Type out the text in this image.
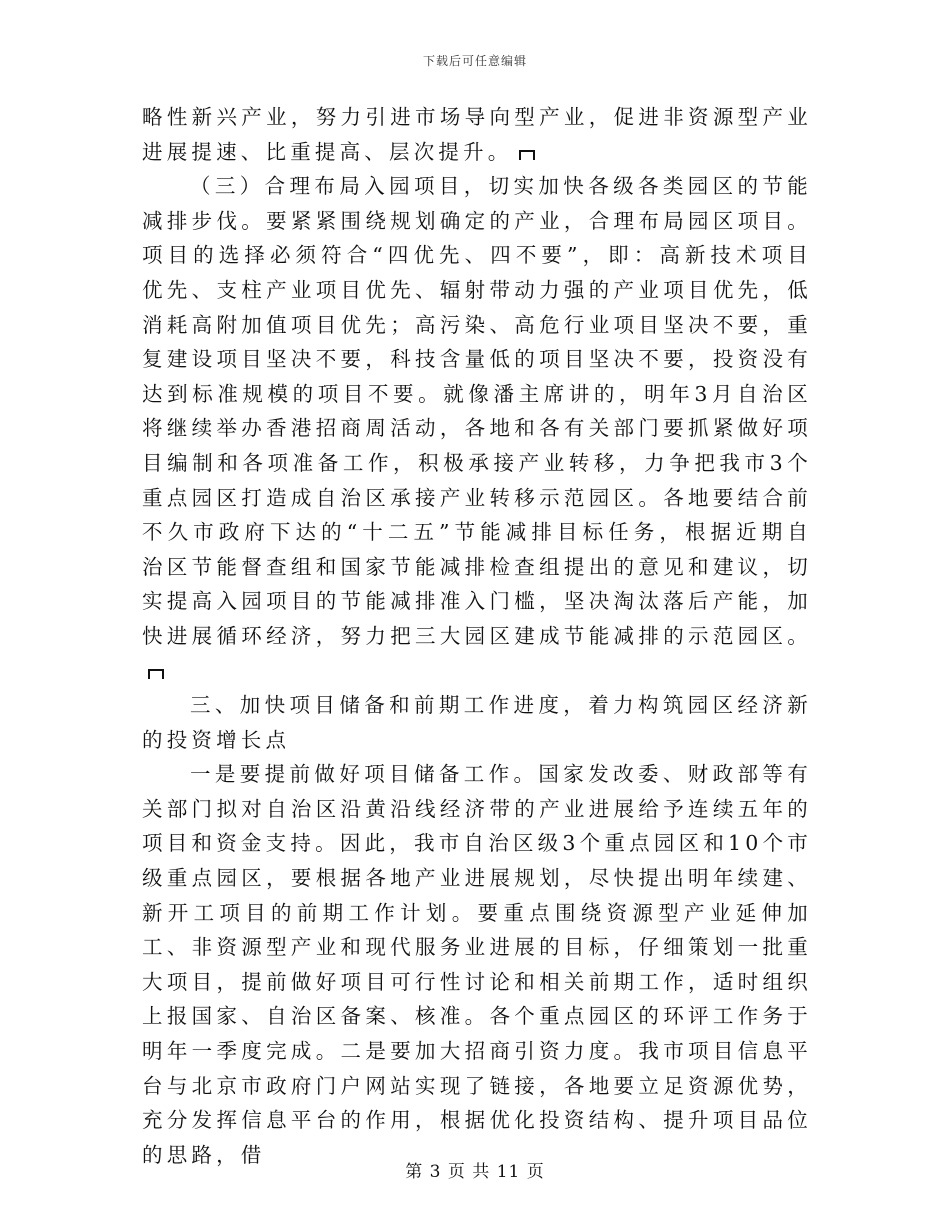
下载后可任意编辑

略性新兴产业，努力引进市场导向型产业，促进非资源型产业进展提速、比重提高、层次提升。

（三）合理布局入园项目，切实加快各级各类园区的节能减排步伐。要紧紧围绕规划确定的产业，合理布局园区项目。项目的选择必须符合“四优先、四不要”，即：高新技术项目优先、支柱产业项目优先、辐射带动力强的产业项目优先，低消耗高附加值项目优先；高污染、高危行业项目坚决不要，重复建设项目坚决不要，科技含量低的项目坚决不要，投资没有达到标准规模的项目不要。就像潘主席讲的，明年3月自治区将继续举办香港招商周活动，各地和各有关部门要抓紧做好项目编制和各项准备工作，积极承接产业转移，力争把我市3个重点园区打造成自治区承接产业转移示范园区。各地要结合前不久市政府下达的“十二五”节能减排目标任务，根据近期自治区节能督查组和国家节能减排检查组提出的意见和建议，切实提高入园项目的节能减排准入门槛，坚决淘汰落后产能，加快进展循环经济，努力把三大园区建成节能减排的示范园区。

三、加快项目储备和前期工作进度，着力构筑园区经济新的投资增长点

一是要提前做好项目储备工作。国家发改委、财政部等有关部门拟对自治区沿黄沿线经济带的产业进展给予连续五年的项目和资金支持。因此，我市自治区级3个重点园区和10个市级重点园区，要根据各地产业进展规划，尽快提出明年续建、新开工项目的前期工作计划。要重点围绕资源型产业延伸加工、非资源型产业和现代服务业进展的目标，仔细策划一批重大项目，提前做好项目可行性讨论和相关前期工作，适时组织上报国家、自治区备案、核准。各个重点园区的环评工作务于明年一季度完成。二是要加大招商引资力度。我市项目信息平台与北京市政府门户网站实现了链接，各地要立足资源优势，充分发挥信息平台的作用，根据优化投资结构、提升项目品位的思路，借

第 3 页 共 11 页
